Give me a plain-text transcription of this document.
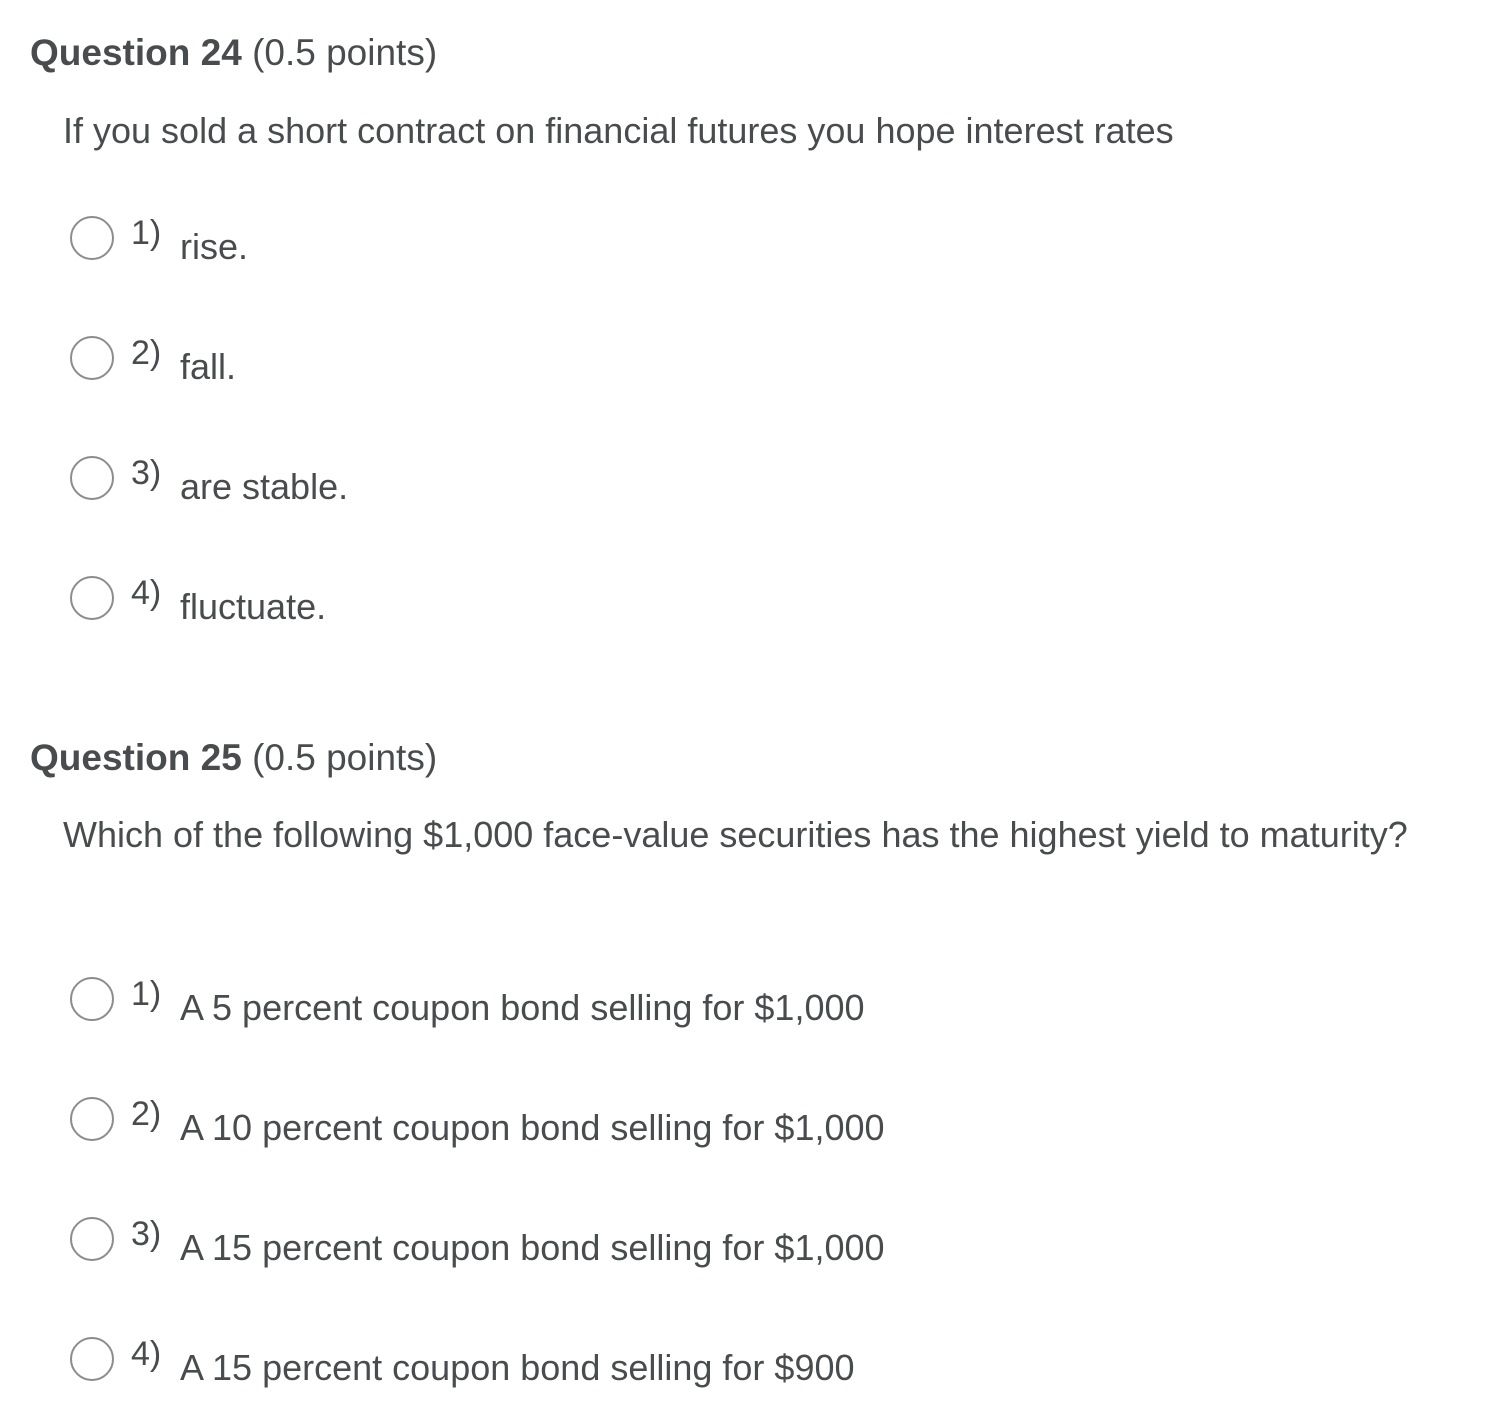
Question 24 (0.5 points)
If you sold a short contract on financial futures you hope interest rates
1) rise.
2) fall.
3) are stable.
4) fluctuate.
Question 25 (0.5 points)
Which of the following $1,000 face-value securities has the highest yield to maturity?
1) A 5 percent coupon bond selling for $1,000
2) A 10 percent coupon bond selling for $1,000
3) A 15 percent coupon bond selling for $1,000
4) A 15 percent coupon bond selling for $900
